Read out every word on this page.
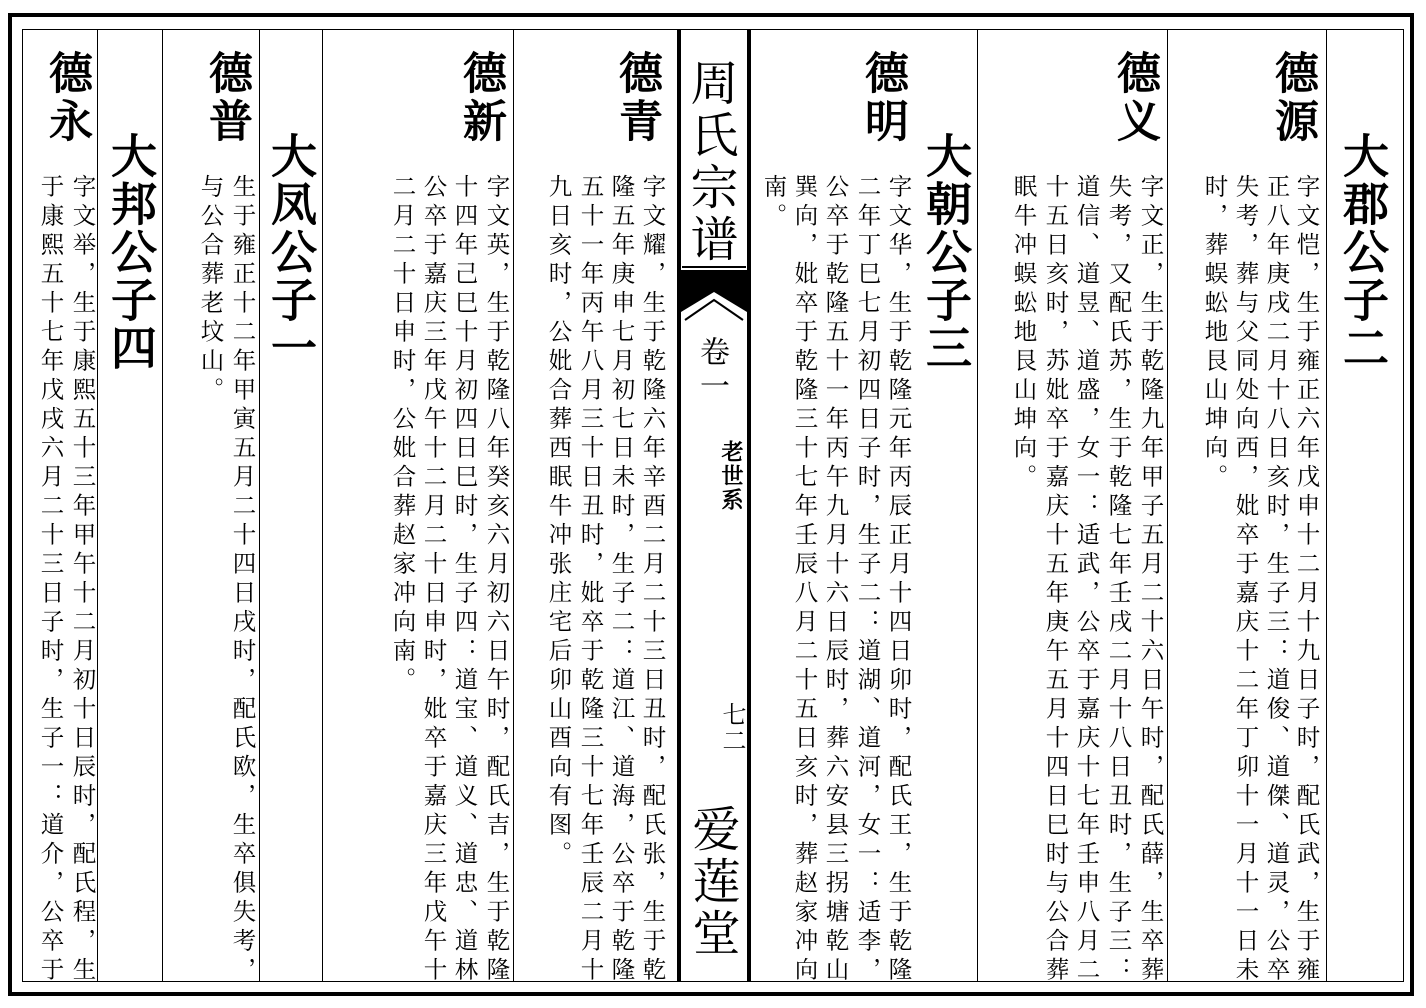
周氏宗谱
卷一
老世系
七二
爱莲堂
大郡公子二
德源
字文恺，生于雍正六年戊申十二月十九日子时，配氏武，生于雍
正八年庚戌二月十八日亥时，生子三：道俊、道傑、道灵，公卒
失考，葬与父同处向西，妣卒于嘉庆十二年丁卯十一月十一日未
时，葬蜈蚣地艮山坤向。
德义
字文正，生于乾隆九年甲子五月二十六日午时，配氏薛，生卒葬
失考，又配氏苏，生于乾隆七年壬戌二月十八日丑时，生子三：
道信、道昱、道盛，女一：适武，公卒于嘉庆十七年壬申八月二
十五日亥时，苏妣卒于嘉庆十五年庚午五月十四日巳时与公合葬
眠牛冲蜈蚣地艮山坤向。
大朝公子三
德明
字文华，生于乾隆元年丙辰正月十四日卯时，配氏王，生于乾隆
二年丁巳七月初四日子时，生子二：道湖、道河，女一：适李，
公卒于乾隆五十一年丙午九月十六日辰时，葬六安县三拐塘乾山
巽向，妣卒于乾隆三十七年壬辰八月二十五日亥时，葬赵家冲向
南。
德青
字文耀，生于乾隆六年辛酉二月二十三日丑时，配氏张，生于乾
隆五年庚申七月初七日未时，生子二：道江、道海，公卒于乾隆
五十一年丙午八月三十日丑时，妣卒于乾隆三十七年壬辰二月十
九日亥时，公妣合葬西眠牛冲张庄宅后卯山酉向有图。
德新
字文英，生于乾隆八年癸亥六月初六日午时，配氏吉，生于乾隆
十四年己巳十月初四日巳时，生子四：道宝、道义、道忠、道林
公卒于嘉庆三年戊午十二月二十日申时，妣卒于嘉庆三年戊午十
二月二十日申时，公妣合葬赵家冲向南。
大凤公子一
德普
生于雍正十二年甲寅五月二十四日戌时，配氏欧，生卒俱失考，
与公合葬老坟山。
大邦公子四
德永
字文举，生于康熙五十三年甲午十二月初十日辰时，配氏程，生
于康熙五十七年戊戌六月二十三日子时，生子一：道介，公卒于
